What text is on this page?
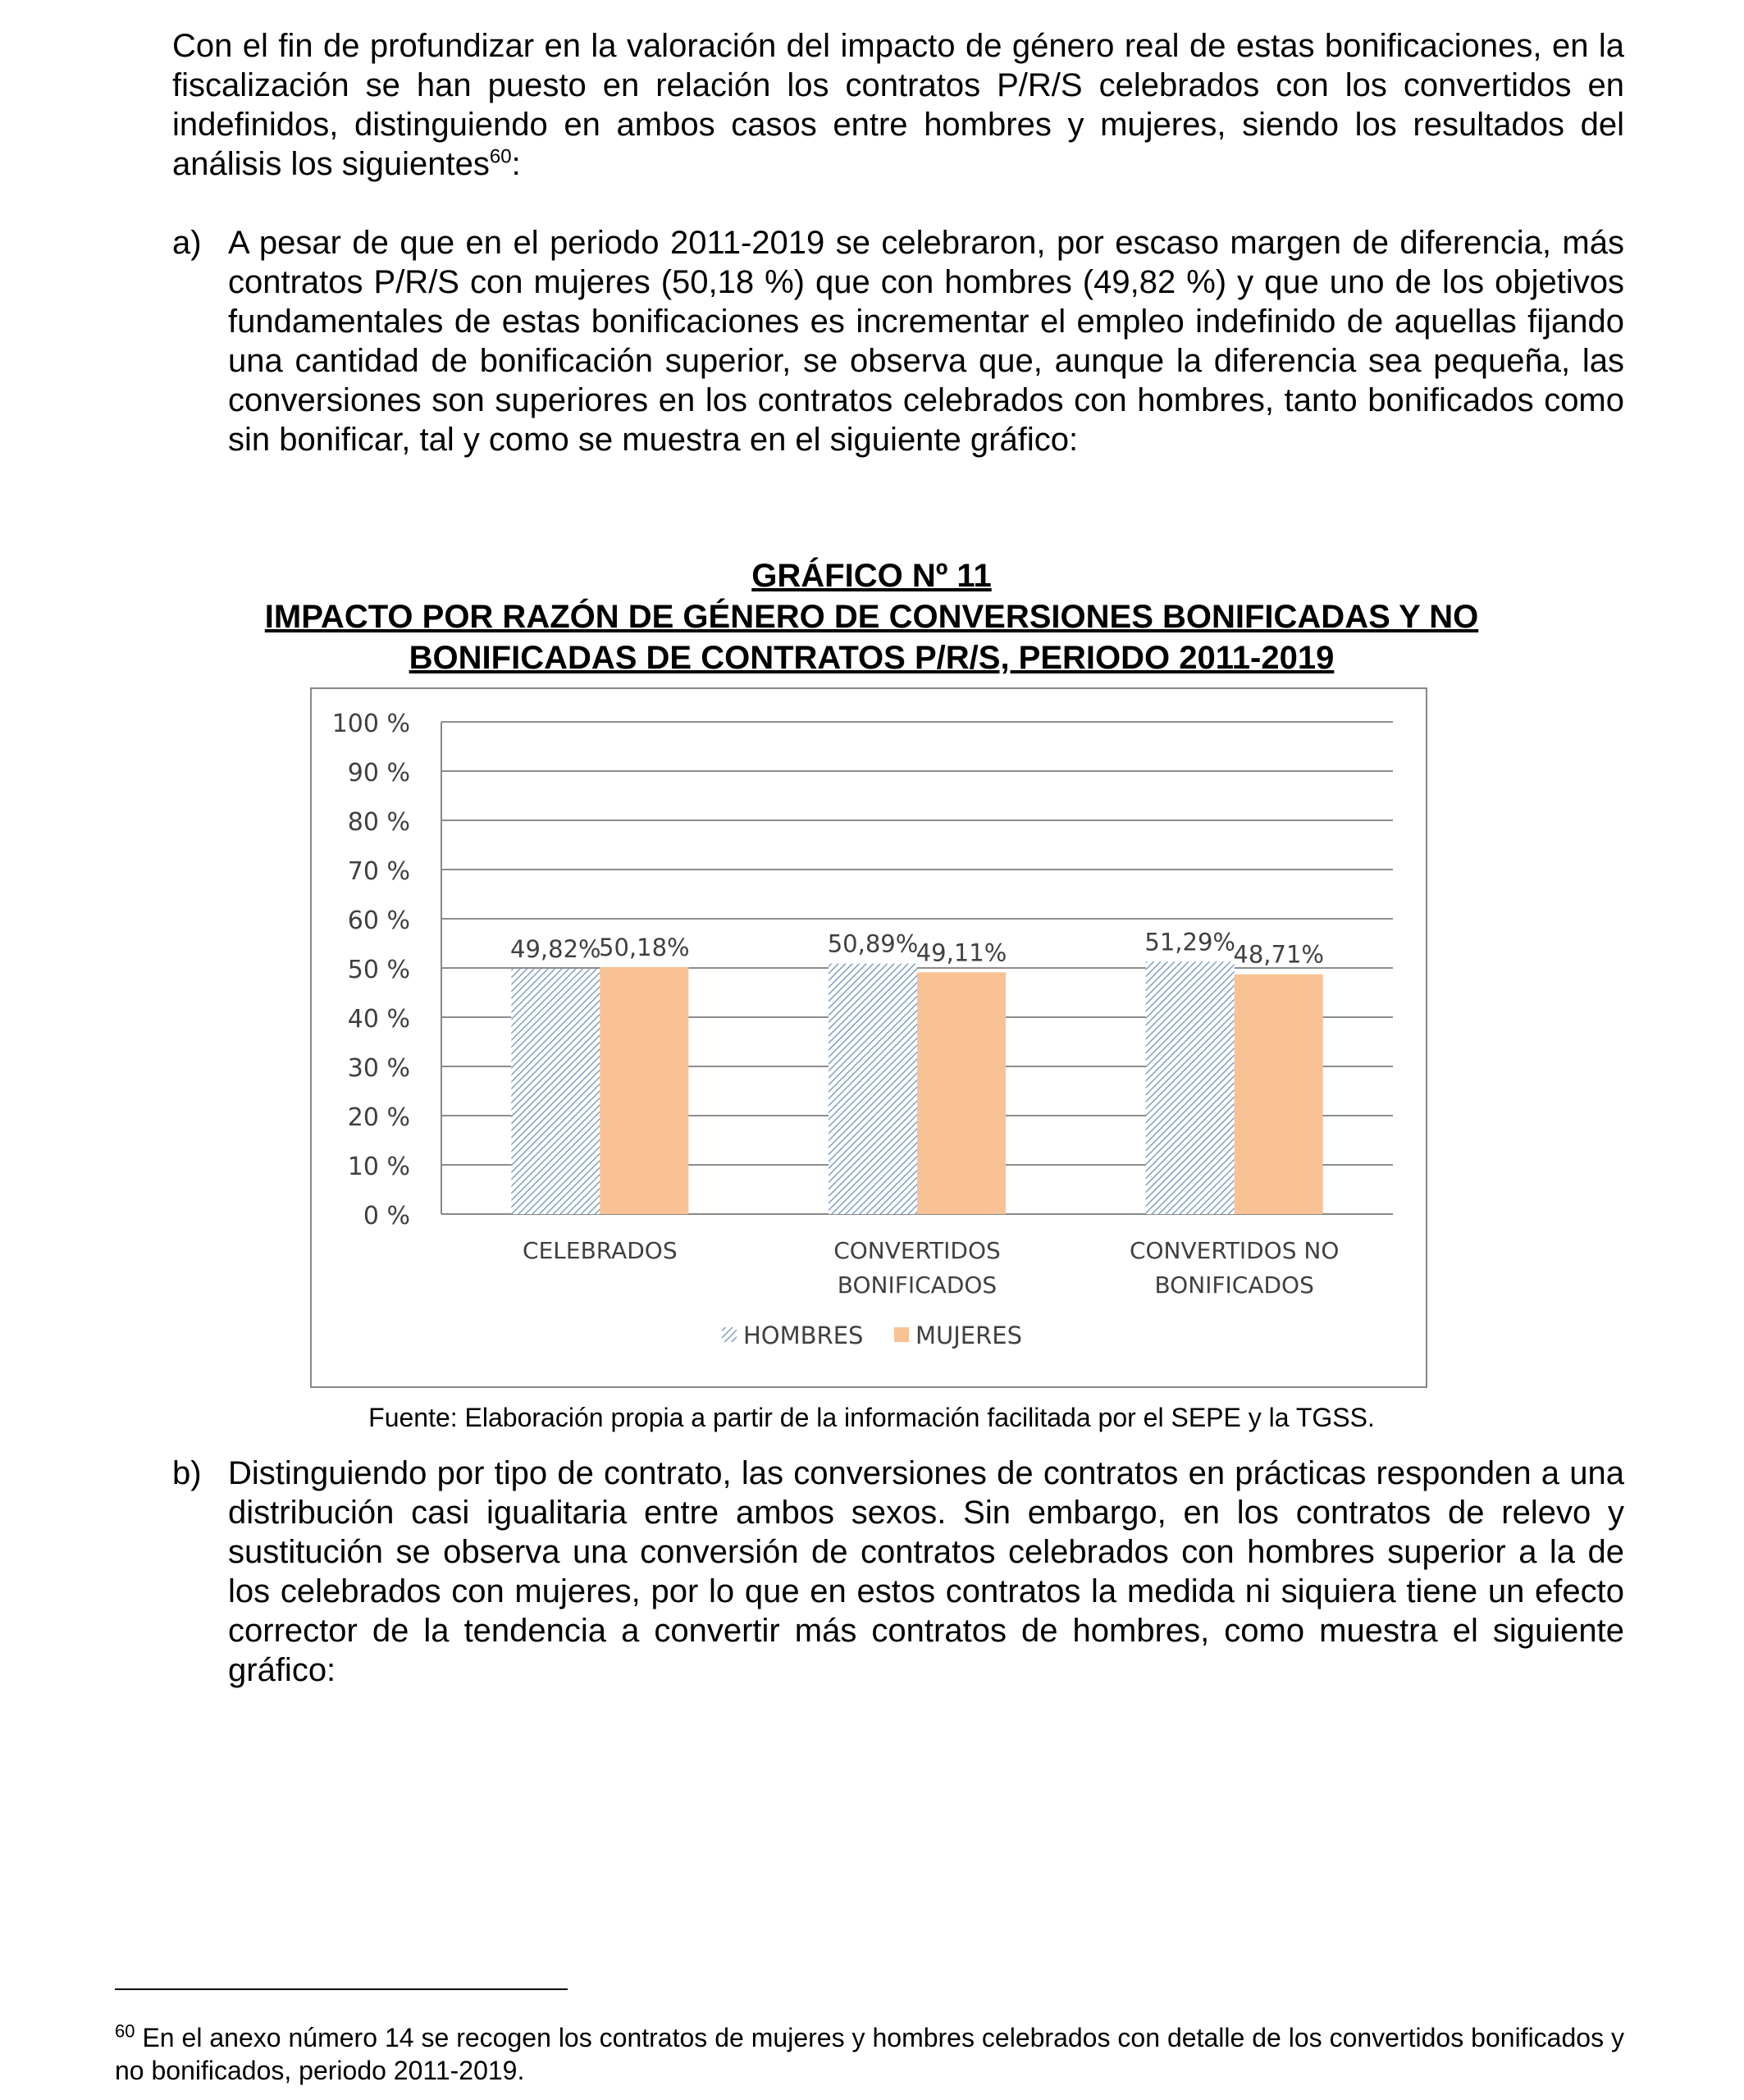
Con el fin de profundizar en la valoración del impacto de género real de estas bonificaciones, en la fiscalización se han puesto en relación los contratos P/R/S celebrados con los convertidos en indefinidos, distinguiendo en ambos casos entre hombres y mujeres, siendo los resultados del análisis los siguientes$^{60}$:

a) A pesar de que en el periodo 2011-2019 se celebraron, por escaso margen de diferencia, más contratos P/R/S con mujeres (50,18 %) que con hombres (49,82 %) y que uno de los objetivos fundamentales de estas bonificaciones es incrementar el empleo indefinido de aquellas fijando una cantidad de bonificación superior, se observa que, aunque la diferencia sea pequeña, las conversiones son superiores en los contratos celebrados con hombres, tanto bonificados como sin bonificar, tal y como se muestra en el siguiente gráfico:

GRÁFICO Nº 11

IMPACTO POR RAZÓN DE GÉNERO DE CONVERSIONES BONIFICADAS Y NO

BONIFICADAS DE CONTRATOS P/R/S, PERIODO 2011-2019

0 %
10 %
20 %
30 %
40 %
50 %
60 %
70 %
80 %
90 %
100 %
49,82%
50,18%
CELEBRADOS
50,89%
49,11%
CONVERTIDOS
BONIFICADOS
51,29%
48,71%
CONVERTIDOS NO
BONIFICADOS
HOMBRES MUJERES

Fuente: Elaboración propia a partir de la información facilitada por el SEPE y la TGSS.

b) Distinguiendo por tipo de contrato, las conversiones de contratos en prácticas responden a una distribución casi igualitaria entre ambos sexos. Sin embargo, en los contratos de relevo y sustitución se observa una conversión de contratos celebrados con hombres superior a la de los celebrados con mujeres, por lo que en estos contratos la medida ni siquiera tiene un efecto corrector de la tendencia a convertir más contratos de hombres, como muestra el siguiente gráfico:

$^{60}$ En el anexo número 14 se recogen los contratos de mujeres y hombres celebrados con detalle de los convertidos bonificados y no bonificados, periodo 2011-2019.
